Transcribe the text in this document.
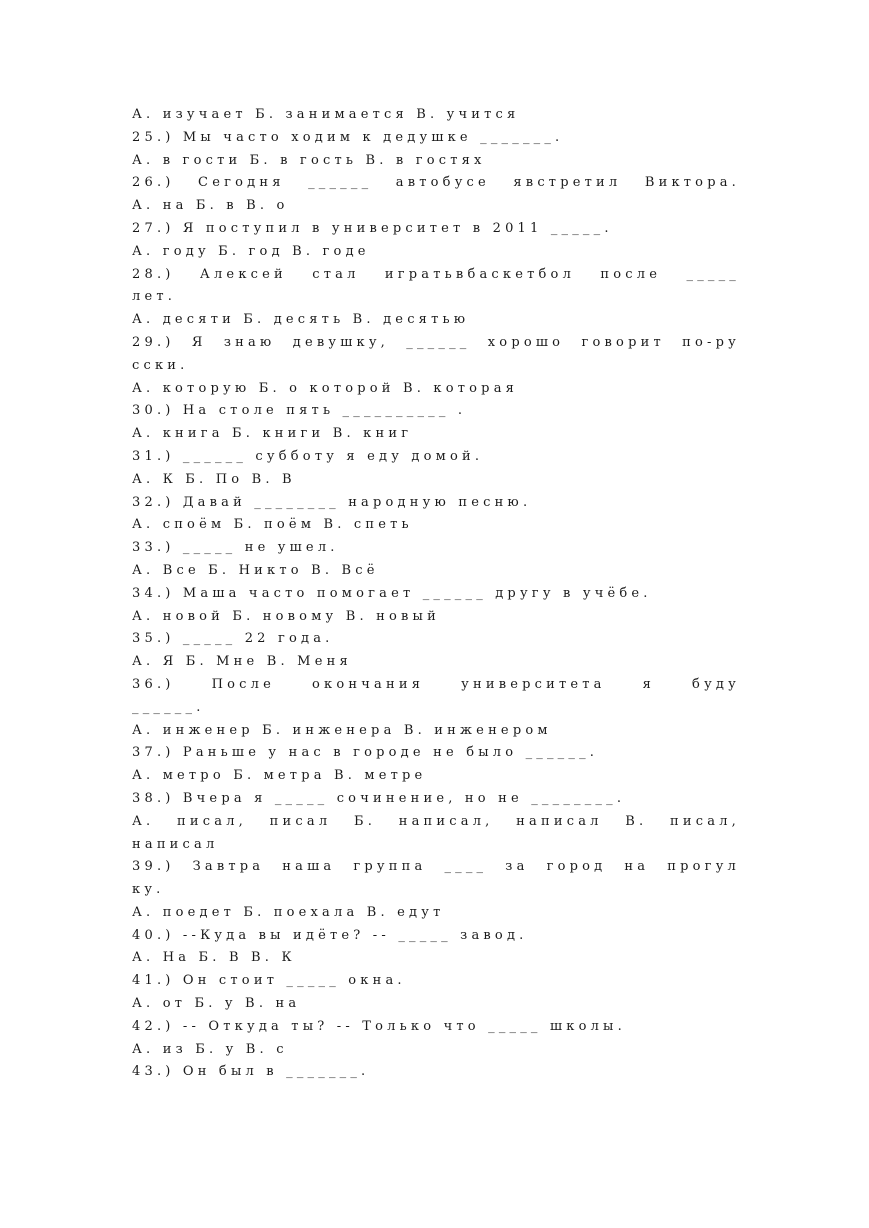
А. изучает Б. занимается В. учится
25.) Мы часто ходим к дедушке _______.
А. в гости Б. в гость В. в гостях
26.) Сегодня ______ автобусе явстретил Виктора.
А. на Б. в В. о
27.) Я поступил в университет в 2011 _____.
А. году Б. год В. годе
28.) Алексей стал игратьвбаскетбол после _____
лет.
А. десяти Б. десять В. десятью
29.) Я знаю девушку, ______ хорошо говорит по-ру
сски.
А. которую Б. о которой В. которая
30.) На столе пять __________ .
А. книга Б. книги В. книг
31.) ______ субботу я еду домой.
А. К Б. По В. В
32.) Давай ________ народную песню.
А. споём Б. поём В. спеть
33.) _____ не ушел.
А. Все Б. Никто В. Всё
34.) Маша часто помогает ______ другу в учёбе.
А. новой Б. новому В. новый
35.) _____ 22 года.
А. Я Б. Мне В. Меня
36.) После окончания университета я буду
______.
А. инженер Б. инженера В. инженером
37.) Раньше у нас в городе не было ______.
А. метро Б. метра В. метре
38.) Вчера я _____ сочинение, но не ________.
А. писал, писал Б. написал, написал В. писал,
написал
39.) Завтра наша группа ____ за город на прогул
ку.
А. поедет Б. поехала В. едут
40.) --Куда вы идёте? -- _____ завод.
А. На Б. В В. К
41.) Он стоит _____ окна.
А. от Б. у В. на
42.) -- Откуда ты? -- Только что _____ школы.
А. из Б. у В. с
43.) Он был в _______.
